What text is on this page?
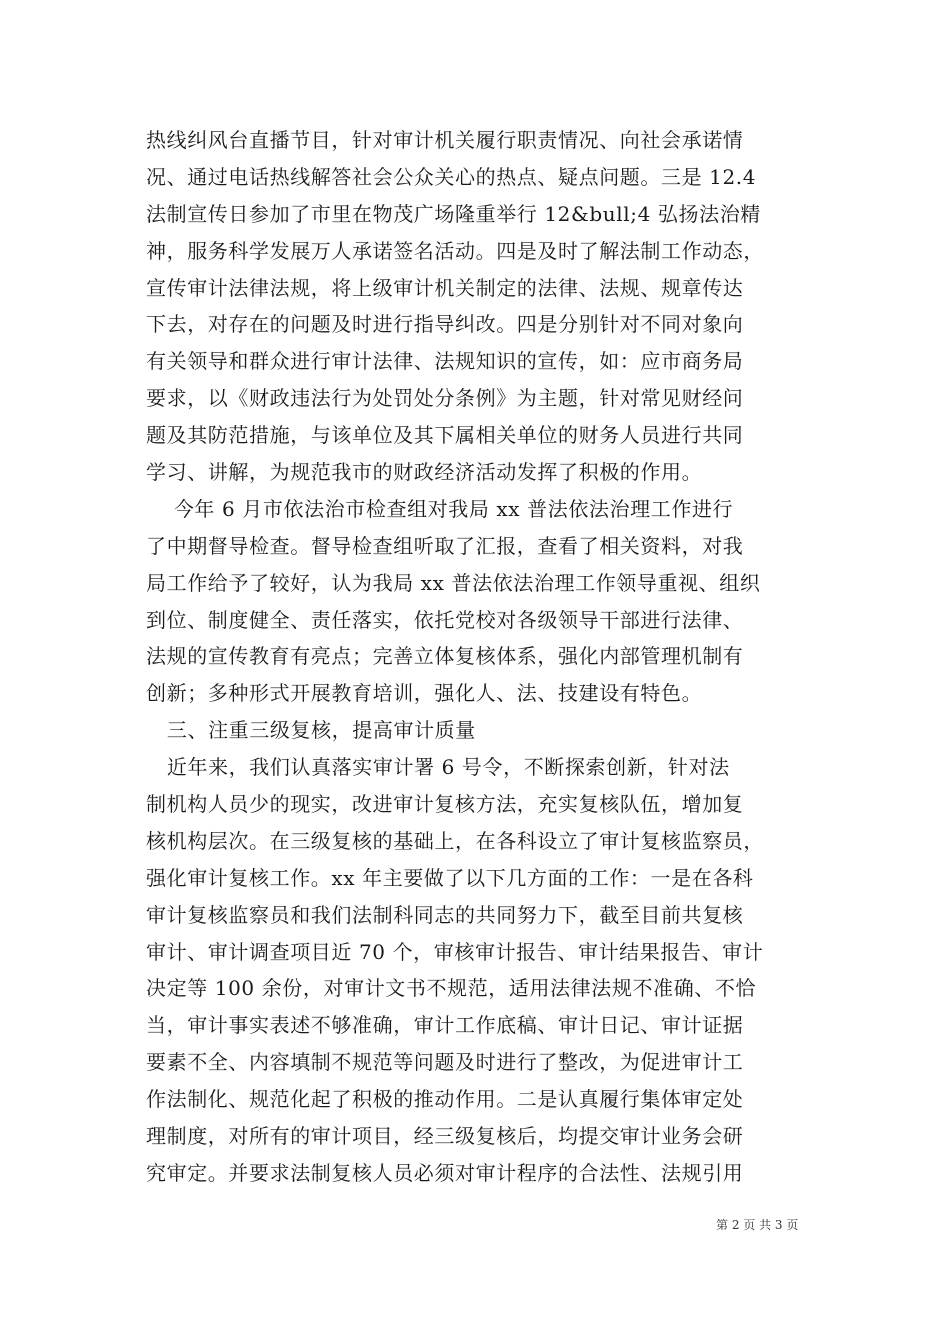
热线纠风台直播节目，针对审计机关履行职责情况、向社会承诺情
况、通过电话热线解答社会公众关心的热点、疑点问题。三是 12.4
法制宣传日参加了市里在物茂广场隆重举行 12&bull;4 弘扬法治精
神，服务科学发展万人承诺签名活动。四是及时了解法制工作动态，
宣传审计法律法规，将上级审计机关制定的法律、法规、规章传达
下去，对存在的问题及时进行指导纠改。四是分别针对不同对象向
有关领导和群众进行审计法律、法规知识的宣传，如：应市商务局
要求，以《财政违法行为处罚处分条例》为主题，针对常见财经问
题及其防范措施，与该单位及其下属相关单位的财务人员进行共同
学习、讲解，为规范我市的财政经济活动发挥了积极的作用。
今年 6 月市依法治市检查组对我局 xx 普法依法治理工作进行
了中期督导检查。督导检查组听取了汇报，查看了相关资料，对我
局工作给予了较好，认为我局 xx 普法依法治理工作领导重视、组织
到位、制度健全、责任落实，依托党校对各级领导干部进行法律、
法规的宣传教育有亮点；完善立体复核体系，强化内部管理机制有
创新；多种形式开展教育培训，强化人、法、技建设有特色。
三、注重三级复核，提高审计质量
近年来，我们认真落实审计署 6 号令，不断探索创新，针对法
制机构人员少的现实，改进审计复核方法，充实复核队伍，增加复
核机构层次。在三级复核的基础上，在各科设立了审计复核监察员，
强化审计复核工作。xx 年主要做了以下几方面的工作：一是在各科
审计复核监察员和我们法制科同志的共同努力下，截至目前共复核
审计、审计调查项目近 70 个，审核审计报告、审计结果报告、审计
决定等 100 余份，对审计文书不规范，适用法律法规不准确、不恰
当，审计事实表述不够准确，审计工作底稿、审计日记、审计证据
要素不全、内容填制不规范等问题及时进行了整改，为促进审计工
作法制化、规范化起了积极的推动作用。二是认真履行集体审定处
理制度，对所有的审计项目，经三级复核后，均提交审计业务会研
究审定。并要求法制复核人员必须对审计程序的合法性、法规引用
第 2 页 共 3 页
